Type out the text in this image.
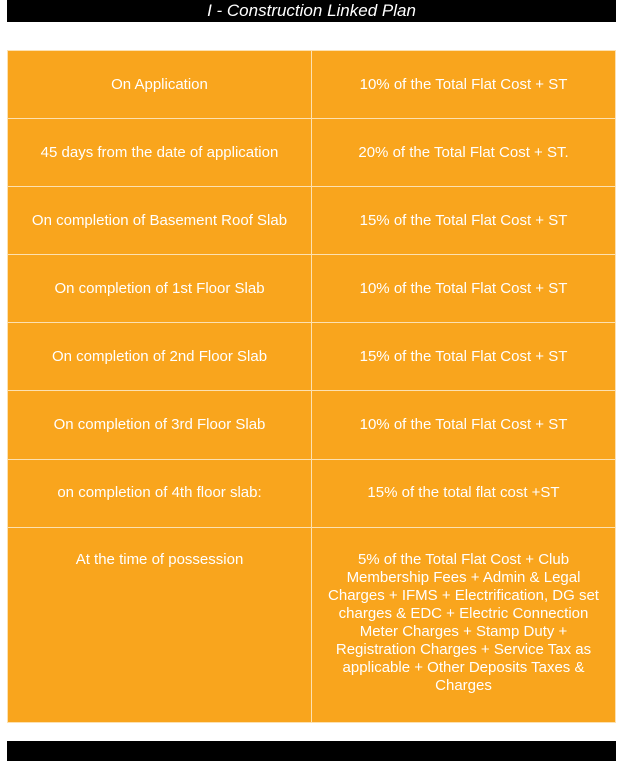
I - Construction Linked Plan
On Application	10% of the Total Flat Cost + ST
45 days from the date of application	20% of the Total Flat Cost + ST.
On completion of Basement Roof Slab	15% of the Total Flat Cost + ST
On completion of 1st Floor Slab	10% of the Total Flat Cost + ST
On completion of 2nd Floor Slab	15% of the Total Flat Cost + ST
On completion of 3rd Floor Slab	10% of the Total Flat Cost + ST
on completion of 4th floor slab:	15% of the total flat cost +ST
At the time of possession	5% of the Total Flat Cost + Club Membership Fees + Admin & Legal Charges + IFMS + Electrification, DG set charges & EDC + Electric Connection Meter Charges + Stamp Duty + Registration Charges + Service Tax as applicable + Other Deposits Taxes & Charges
